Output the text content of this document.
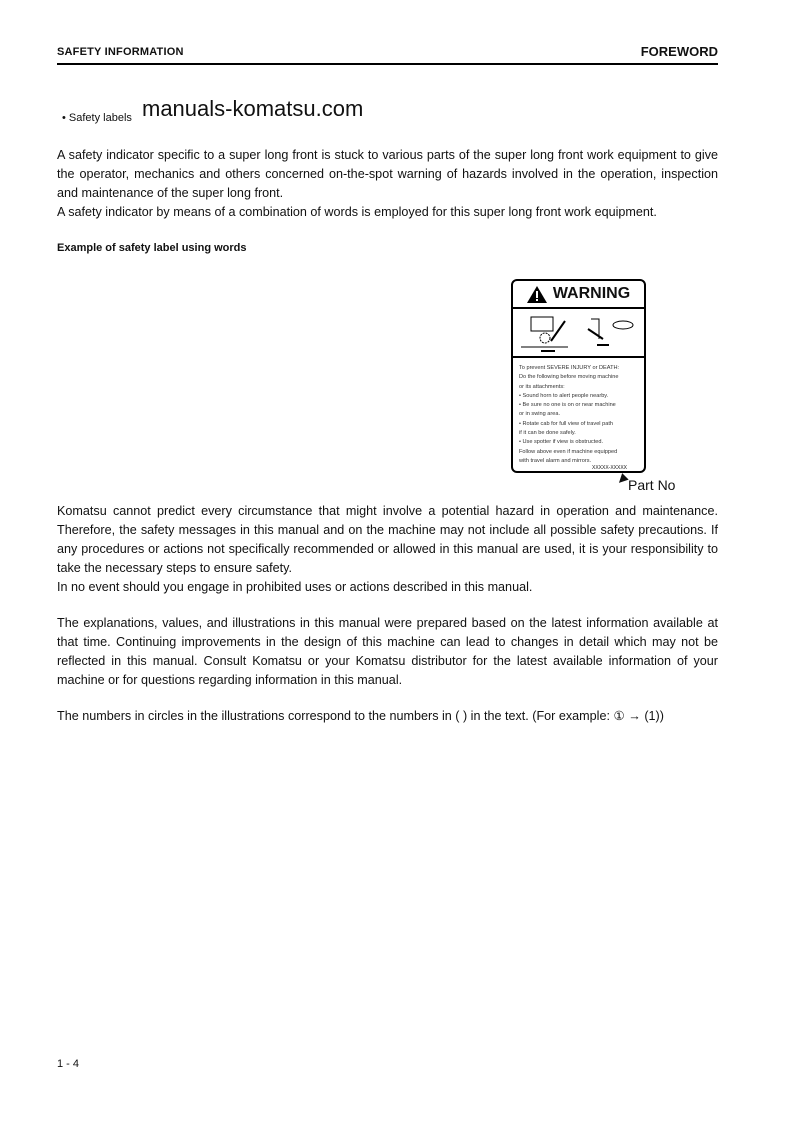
SAFETY INFORMATION	FOREWORD
• Safety labels manuals-komatsu.com
A safety indicator specific to a super long front is stuck to various parts of the super long front work equipment to give the operator, mechanics and others concerned on-the-spot warning of hazards involved in the operation, inspection and maintenance of the super long front.
A safety indicator by means of a combination of words is employed for this super long front work equipment.
Example of safety label using words
WARNING
To prevent SEVERE INJURY or DEATH:
Do the following before moving machine
or its attachments:
• Sound horn to alert people nearby.
• Be sure no one is on or near machine
or in swing area.
• Rotate cab for full view of travel path
if it can be done safely.
• Use spotter if view is obstructed.
Follow above even if machine equipped
with travel alarm and mirrors.
XXXXX-XXXXX
◀
Part No
Komatsu cannot predict every circumstance that might involve a potential hazard in operation and maintenance. Therefore, the safety messages in this manual and on the machine may not include all possible safety precautions. If any procedures or actions not specifically recommended or allowed in this manual are used, it is your responsibility to take the necessary steps to ensure safety.
In no event should you engage in prohibited uses or actions described in this manual.
The explanations, values, and illustrations in this manual were prepared based on the latest information available at that time. Continuing improvements in the design of this machine can lead to changes in detail which may not be reflected in this manual. Consult Komatsu or your Komatsu distributor for the latest available information of your machine or for questions regarding information in this manual.
The numbers in circles in the illustrations correspond to the numbers in ( ) in the text. (For example: ① → (1))
1 - 4
